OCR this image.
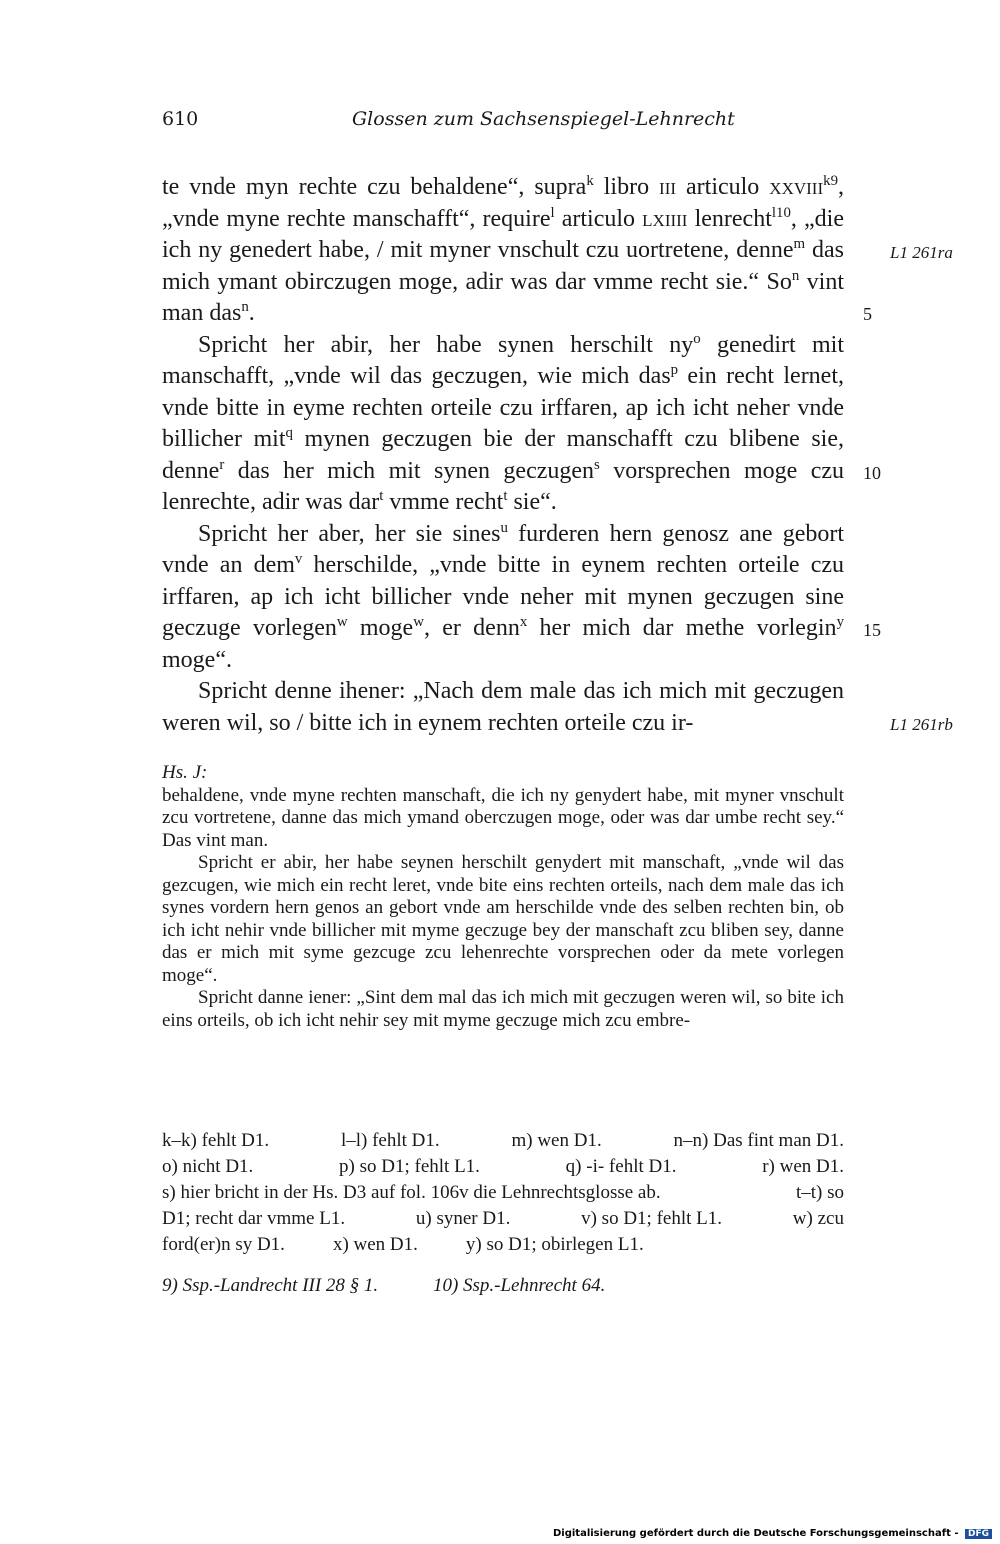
610	Glossen zum Sachsenspiegel-Lehnrecht

te vnde myn rechte czu behaldene“, supra$^k$ libro iii articulo xxviii$^{k9}$, „vnde myne rechte manschafft“, require$^l$ articulo lxiiii lenrecht$^{l10}$, „die ich ny genedert habe, / mit myner vnschult czu uortretene, denne$^m$ das mich ymant obirczugen moge, adir was dar vmme recht sie.“ So$^n$ vint man das$^n$.

Spricht her abir, her habe synen herschilt $ny^o$ genedirt mit manschafft, „vnde wil das geczugen, wie mich das$^p$ ein recht lernet, vnde bitte in eyme rechten orteile czu irffaren, ap ich icht neher vnde billicher mit$^q$ mynen geczugen bie der manschafft czu blibene sie, denne$^r$ das her mich mit synen geczugen$^s$ vorsprechen moge czu lenrechte, adir was dar$^t$ vmme recht$^t$ sie“.

Spricht her aber, her sie sines$^u$ furderen hern genosz ane gebort vnde an dem$^v$ herschilde, „vnde bitte in eynem rechten orteile czu irffaren, ap ich icht billicher vnde neher mit mynen geczugen sine geczuge vorlegen$^w$ moge$^w$, er denn$^x$ her mich dar methe vorlegin$^y$ moge“.

Spricht denne ihener: „Nach dem male das ich mich mit geczugen weren wil, so / bitte ich in eynem rechten orteile czu ir-

5
10
15
L1 261ra
L1 261rb

Hs. J:

behaldene, vnde myne rechten manschaft, die ich ny genydert habe, mit myner vnschult zcu vortretene, danne das mich ymand oberczugen moge, oder was dar umbe recht sey.“ Das vint man.

Spricht er abir, her habe seynen herschilt genydert mit manschaft, „vnde wil das gezcugen, wie mich ein recht leret, vnde bite eins rechten orteils, nach dem male das ich synes vordern hern genos an gebort vnde am herschilde vnde des selben rechten bin, ob ich icht nehir vnde billicher mit myme geczuge bey der manschaft zcu bliben sey, danne das er mich mit syme gezcuge zcu lehenrechte vorsprechen oder da mete vorlegen moge“.

Spricht danne iener: „Sint dem mal das ich mich mit geczugen weren wil, so bite ich eins orteils, ob ich icht nehir sey mit myme geczuge mich zcu embre-

k–k) fehlt D1.	l–l) fehlt D1.	m) wen D1.	n–n) Das fint man D1.
o) nicht D1.	p) so D1; fehlt L1.	q) -i- fehlt D1.	r) wen D1.
s) hier bricht in der Hs. D3 auf fol. 106v die Lehnrechtsglosse ab.	t–t) so
D1; recht dar vmme L1.	u) syner D1.	v) so D1; fehlt L1.	w) zcu
ford(er)n sy D1.	x) wen D1.	y) so D1; obirlegen L1.
9) Ssp.-Landrecht III 28 § 1.	10) Ssp.-Lehnrecht 64.
Digitalisierung gefördert durch die Deutsche Forschungsgemeinschaft - DFG
